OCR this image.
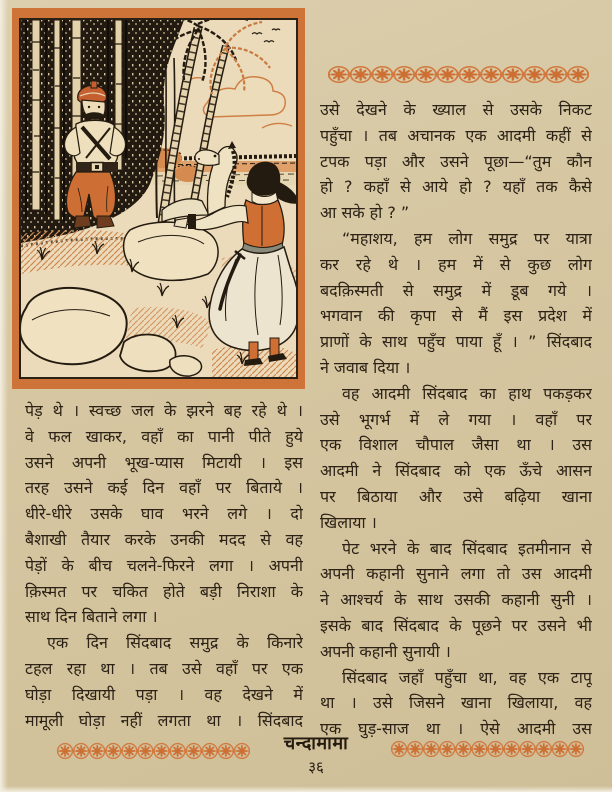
उसे देखने के ख्याल से उसके निकट
पहुँचा । तब अचानक एक आदमी कहीं से
टपक पड़ा और उसने पूछा—“तुम कौन
हो ? कहाँ से आये हो ? यहाँ तक कैसे
आ सके हो ? ”
“महाशय, हम लोग समुद्र पर यात्रा
कर रहे थे । हम में से कुछ लोग
बदक़िस्मती से समुद्र में डूब गये ।
भगवान की कृपा से मैं इस प्रदेश में
प्राणों के साथ पहुँच पाया हूँ । ” सिंदबाद
ने जवाब दिया ।
वह आदमी सिंदबाद का हाथ पकड़कर
उसे भूगर्भ में ले गया । वहाँ पर
एक विशाल चौपाल जैसा था । उस
आदमी ने सिंदबाद को एक ऊँचे आसन
पर बिठाया और उसे बढ़िया खाना
खिलाया ।
पेट भरने के बाद सिंदबाद इतमीनान से
अपनी कहानी सुनाने लगा तो उस आदमी
ने आश्चर्य के साथ उसकी कहानी सुनी ।
इसके बाद सिंदबाद के पूछने पर उसने भी
अपनी कहानी सुनायी ।
सिंदबाद जहाँ पहुँचा था, वह एक टापू
था । उसे जिसने खाना खिलाया, वह
एक घुड़-साज था । ऐसे आदमी उस
पेड़ थे । स्वच्छ जल के झरने बह रहे थे ।
वे फल खाकर, वहाँ का पानी पीते हुये
उसने अपनी भूख-प्यास मिटायी । इस
तरह उसने कई दिन वहाँ पर बिताये ।
धीरे-धीरे उसके घाव भरने लगे । दो
बैशाखी तैयार करके उनकी मदद से वह
पेड़ों के बीच चलने-फिरने लगा । अपनी
क़िस्मत पर चकित होते बड़ी निराशा के
साथ दिन बिताने लगा ।
एक दिन सिंदबाद समुद्र के किनारे
टहल रहा था । तब उसे वहाँ पर एक
घोड़ा दिखायी पड़ा । वह देखने में
मामूली घोड़ा नहीं लगता था । सिंदबाद
चन्दामामा
३६
